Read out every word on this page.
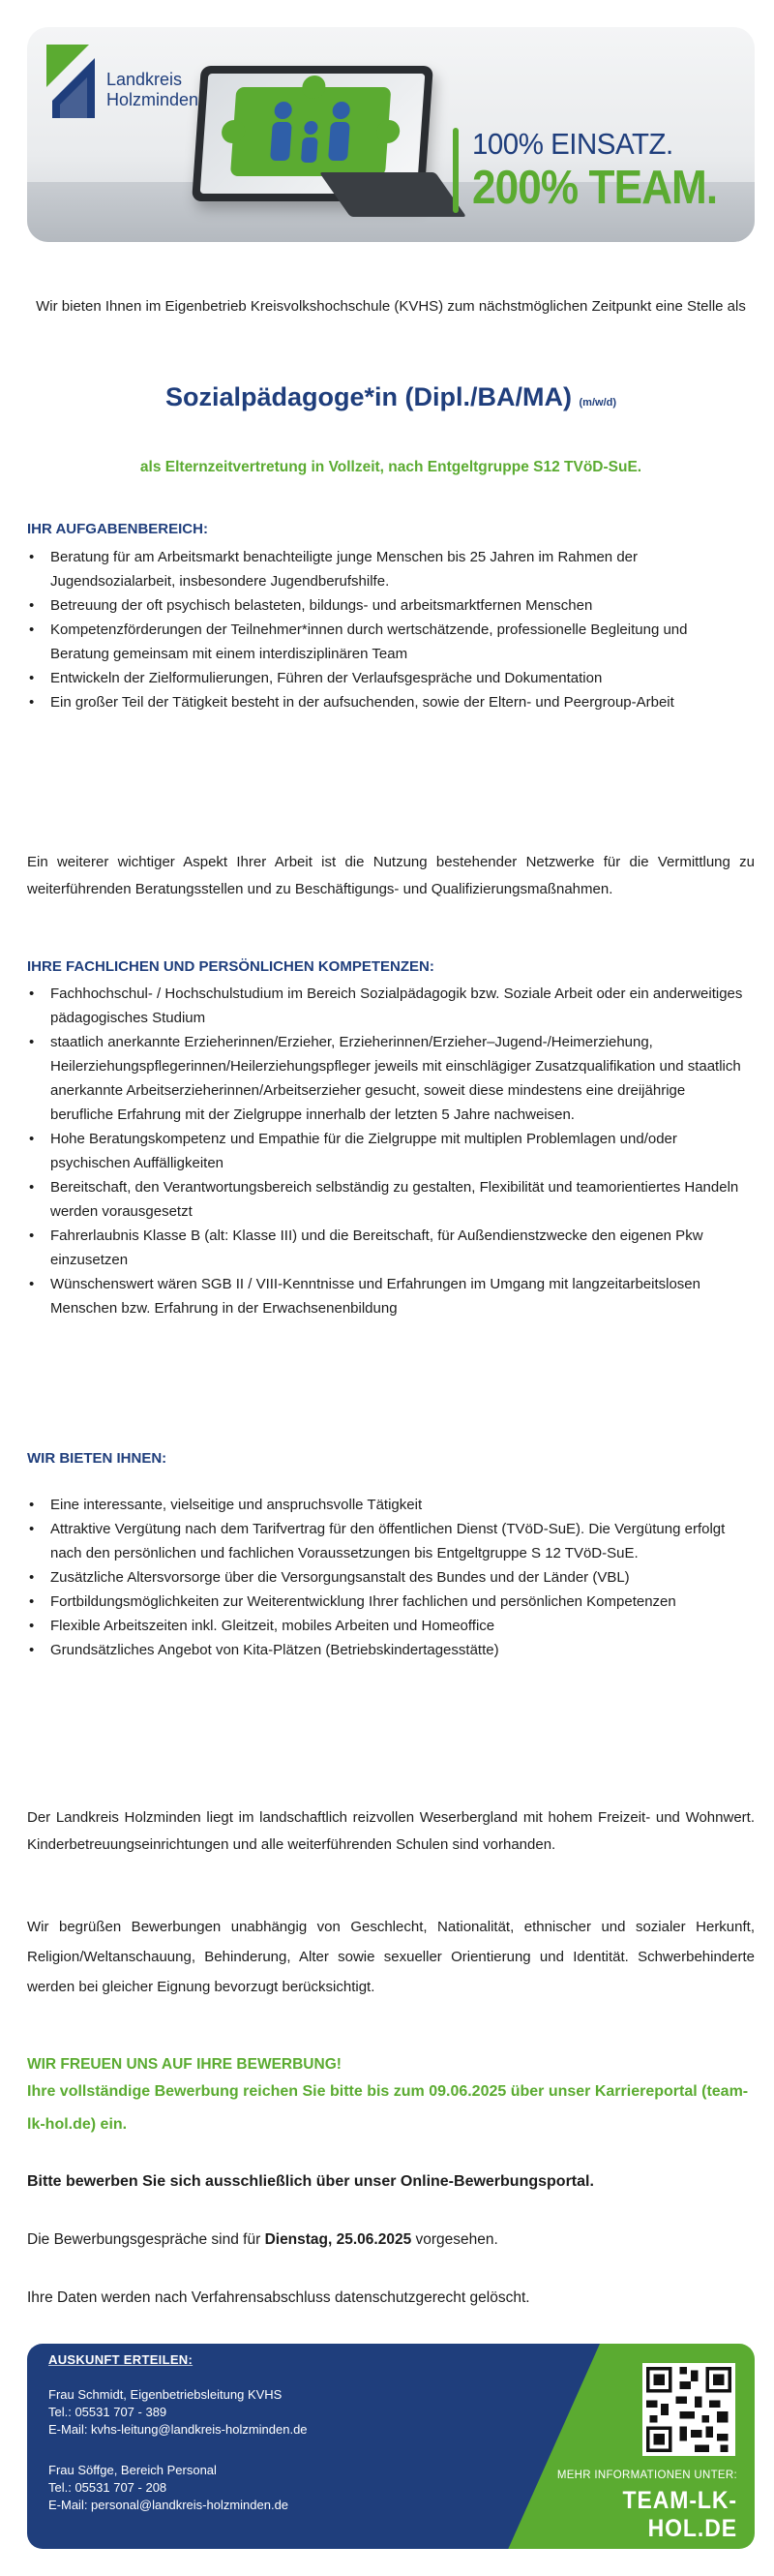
Landkreis
Holzminden
100% EINSATZ.
200% TEAM.
Wir bieten Ihnen im Eigenbetrieb Kreisvolkshochschule (KVHS) zum nächstmöglichen Zeitpunkt eine Stelle als
Sozialpädagoge*in (Dipl./BA/MA) (m/w/d)
als Elternzeitvertretung in Vollzeit, nach Entgeltgruppe S12 TVöD-SuE.
IHR AUFGABENBEREICH:
• Beratung für am Arbeitsmarkt benachteiligte junge Menschen bis 25 Jahren im Rahmen der Jugendsozialarbeit, insbesondere Jugendberufshilfe.
• Betreuung der oft psychisch belasteten, bildungs- und arbeitsmarktfernen Menschen
• Kompetenzförderungen der Teilnehmer*innen durch wertschätzende, professionelle Begleitung und Beratung gemeinsam mit einem interdisziplinären Team
• Entwickeln der Zielformulierungen, Führen der Verlaufsgespräche und Dokumentation
• Ein großer Teil der Tätigkeit besteht in der aufsuchenden, sowie der Eltern- und Peergroup-Arbeit
Ein weiterer wichtiger Aspekt Ihrer Arbeit ist die Nutzung bestehender Netzwerke für die Vermittlung zu weiterführenden Beratungsstellen und zu Beschäftigungs- und Qualifizierungsmaßnahmen.
IHRE FACHLICHEN UND PERSÖNLICHEN KOMPETENZEN:
• Fachhochschul- / Hochschulstudium im Bereich Sozialpädagogik bzw. Soziale Arbeit oder ein anderweitiges pädagogisches Studium
• staatlich anerkannte Erzieherinnen/Erzieher, Erzieherinnen/Erzieher–Jugend-/Heimerziehung, Heilerziehungspflegerinnen/Heilerziehungspfleger jeweils mit einschlägiger Zusatzqualifikation und staatlich anerkannte Arbeitserzieherinnen/Arbeitserzieher gesucht, soweit diese mindestens eine dreijährige berufliche Erfahrung mit der Zielgruppe innerhalb der letzten 5 Jahre nachweisen.
• Hohe Beratungskompetenz und Empathie für die Zielgruppe mit multiplen Problemlagen und/oder psychischen Auffälligkeiten
• Bereitschaft, den Verantwortungsbereich selbständig zu gestalten, Flexibilität und teamorientiertes Handeln werden vorausgesetzt
• Fahrerlaubnis Klasse B (alt: Klasse III) und die Bereitschaft, für Außendienstzwecke den eigenen Pkw einzusetzen
• Wünschenswert wären SGB II / VIII-Kenntnisse und Erfahrungen im Umgang mit langzeitarbeitslosen Menschen bzw. Erfahrung in der Erwachsenenbildung
WIR BIETEN IHNEN:
• Eine interessante, vielseitige und anspruchsvolle Tätigkeit
• Attraktive Vergütung nach dem Tarifvertrag für den öffentlichen Dienst (TVöD-SuE). Die Vergütung erfolgt nach den persönlichen und fachlichen Voraussetzungen bis Entgeltgruppe S 12 TVöD-SuE.
• Zusätzliche Altersvorsorge über die Versorgungsanstalt des Bundes und der Länder (VBL)
• Fortbildungsmöglichkeiten zur Weiterentwicklung Ihrer fachlichen und persönlichen Kompetenzen
• Flexible Arbeitszeiten inkl. Gleitzeit, mobiles Arbeiten und Homeoffice
• Grundsätzliches Angebot von Kita-Plätzen (Betriebskindertagesstätte)
Der Landkreis Holzminden liegt im landschaftlich reizvollen Weserbergland mit hohem Freizeit- und Wohnwert. Kinderbetreuungseinrichtungen und alle weiterführenden Schulen sind vorhanden.
Wir begrüßen Bewerbungen unabhängig von Geschlecht, Nationalität, ethnischer und sozialer Herkunft, Religion/Weltanschauung, Behinderung, Alter sowie sexueller Orientierung und Identität. Schwerbehinderte werden bei gleicher Eignung bevorzugt berücksichtigt.
WIR FREUEN UNS AUF IHRE BEWERBUNG!
Ihre vollständige Bewerbung reichen Sie bitte bis zum 09.06.2025 über unser Karriereportal (team-lk-hol.de) ein.
Bitte bewerben Sie sich ausschließlich über unser Online-Bewerbungsportal.
Die Bewerbungsgespräche sind für Dienstag, 25.06.2025 vorgesehen.
Ihre Daten werden nach Verfahrensabschluss datenschutzgerecht gelöscht.
AUSKUNFT ERTEILEN:
Frau Schmidt, Eigenbetriebsleitung KVHS
Tel.: 05531 707 - 389
E-Mail: kvhs-leitung@landkreis-holzminden.de
Frau Söffge, Bereich Personal
Tel.: 05531 707 - 208
E-Mail: personal@landkreis-holzminden.de
MEHR INFORMATIONEN UNTER:
TEAM-LK-HOL.DE
